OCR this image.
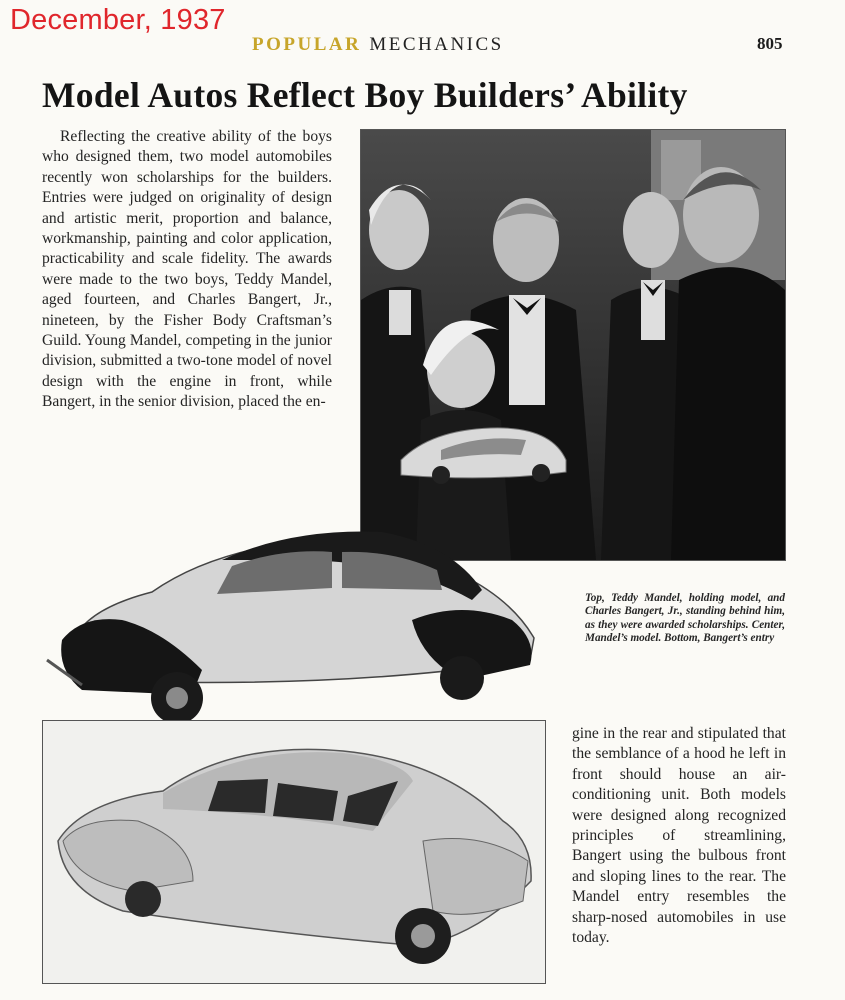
December, 1937
POPULAR MECHANICS	805
Model Autos Reflect Boy Builders’ Ability

Reflecting the creative ability of the boys who designed them, two model automobiles recently won scholarships for the builders. Entries were judged on originality of design and artistic merit, proportion and balance, workmanship, painting and color application, practicability and scale fidelity. The awards were made to the two boys, Teddy Mandel, aged fourteen, and Charles Bangert, Jr., nineteen, by the Fisher Body Craftsman’s Guild. Young Mandel, competing in the junior division, submitted a two-tone model of novel design with the engine in front, while Bangert, in the senior division, placed the en-

Top, Teddy Mandel, holding model, and Charles Bangert, Jr., standing behind him, as they were awarded scholarships. Center, Mandel’s model. Bottom, Bangert’s entry

gine in the rear and stipulated that the semblance of a hood he left in front should house an air-conditioning unit. Both models were designed along recognized principles of streamlining, Bangert using the bulbous front and sloping lines to the rear. The Mandel entry resembles the sharp-nosed automobiles in use today.
